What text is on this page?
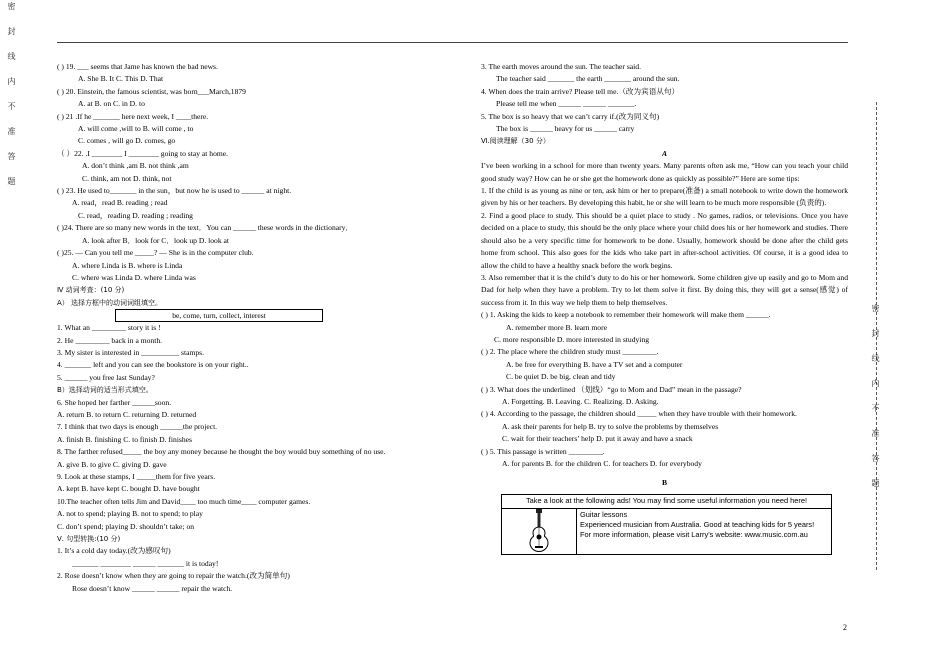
密封线内不准答题
密封线内不准答题
( ) 19. ___ seems that Jame has known the bad news.
A. She B. It C. This D. That
( ) 20. Einstein, the famous scientist, was born___March,1879
A. at B. on C. in D. to
( ) 21 .If he _______ here next week, I ____there.
A. will come ,will to B. will come , to
C. comes , will go D. comes, go
（ ）22. .I ________ I ________ going to stay at home.
A. don’t think ,am B. not think ,am
C. think, am not D. think, not
( ) 23. He used to_______ in the sun，but now he is used to ______ at night.
A. read，read B. reading ; read
C. read，reading D. reading ; reading
( )24. There are so many new words in the text．You can ______ these words in the dictionary．
A. look after B．look for C．look up D. look at
( )25. — Can you tell me _____? — She is in the computer club.
A. where Linda is B. where is Linda
C. where was Linda D. where Linda was
Ⅳ 动词考查：(10 分)
A） 选择方框中的动词词组填空。
be, come, turn, collect, interest
1. What an _________ story it is !
2. He _________ back in a month.
3. My sister is interested in __________ stamps.
4. _______ left and you can see the bookstore is on your right..
5. ______ you free last Sunday?
B）选择动词的适当形式填空。
6. She hoped her farther ______soon.
A. return B. to return C. returning D. returned
7. I think that two days is enough ______the project.
A. finish B. finishing C. to finish D. finishes
8. The farther refused_____ the boy any money because he thought the boy would buy something of no use.
A. give B. to give C. giving D. gave
9. Look at these stamps, I _____them for five years.
A. kept B. have kept C. bought D. have bought
10.The teacher often tells Jim and David____ too much time____ computer games.
A. not to spend; playing B. not to spend; to play
C. don’t spend; playing D. shouldn’t take; on
Ⅴ. 句型转换:(10 分)
1. It’s a cold day today.(改为感叹句)
_______ ________ ______ _______ it is today!
2. Rose doesn’t know when they are going to repair the watch.(改为简单句)
Rose doesn’t know ______ ______ repair the watch.
3. The earth moves around the sun. The teacher said.
The teacher said _______ the earth _______ around the sun.
4. When does the train arrive? Please tell me.（改为宾语从句）
Please tell me when ______ ______ _______.
5. The box is so heavy that we can’t carry if.(改为同义句)
The box is ______ heavy for us ______ carry
Ⅵ.阅读理解（30 分）
A
I’ve been working in a school for more than twenty years. Many parents often ask me, “How can you teach your child good study way? How can he or she get the homework done as quickly as possible?” Here are some tips:
1. If the child is as young as nine or ten, ask him or her to prepare(准备) a small notebook to write down the homework given by his or her teachers. By developing this habit, he or she will learn to be much more responsible (负责的).
2. Find a good place to study. This should be a quiet place to study . No games, radios, or televisions. Once you have decided on a place to study, this should be the only place where your child does his or her homework and studies. There should also be a very specific time for homework to be done. Usually, homework should be done after the child gets home from school. This also goes for the kids who take part in after-school activities. Of course, it is a good idea to allow the child to have a healthy snack before the work begins.
3. Also remember that it is the child’s duty to do his or her homework. Some children give up easily and go to Mom and Dad for help when they have a problem. Try to let them solve it first. By doing this, they will get a sense(感觉) of success from it. In this way we help them to help themselves.
( ) 1. Asking the kids to keep a notebook to remember their homework will make them ______.
A. remember more B. learn more
C. more responsible D. more interested in studying
( ) 2. The place where the children study must _________.
A. be free for everything B. have a TV set and a computer
C. be quiet D. be big, clean and tidy
( ) 3. What does the underlined （划线）“go to Mom and Dad” mean in the passage?
A. Forgetting. B. Leaving. C. Realizing. D. Asking.
( ) 4. According to the passage, the children should _____ when they have trouble with their homework.
A. ask their parents for help B. try to solve the problems by themselves
C. wait for their teachers’ help D. put it away and have a snack
( ) 5. This passage is written _________.
A. for parents B. for the children C. for teachers D. for everybody
B
Take a look at the following ads! You may find some useful information you need here!
Guitar lessons
Experienced musician from Australia. Good at teaching kids for 5 years!
For more information, please visit Larry’s website: www.music.com.au
2
